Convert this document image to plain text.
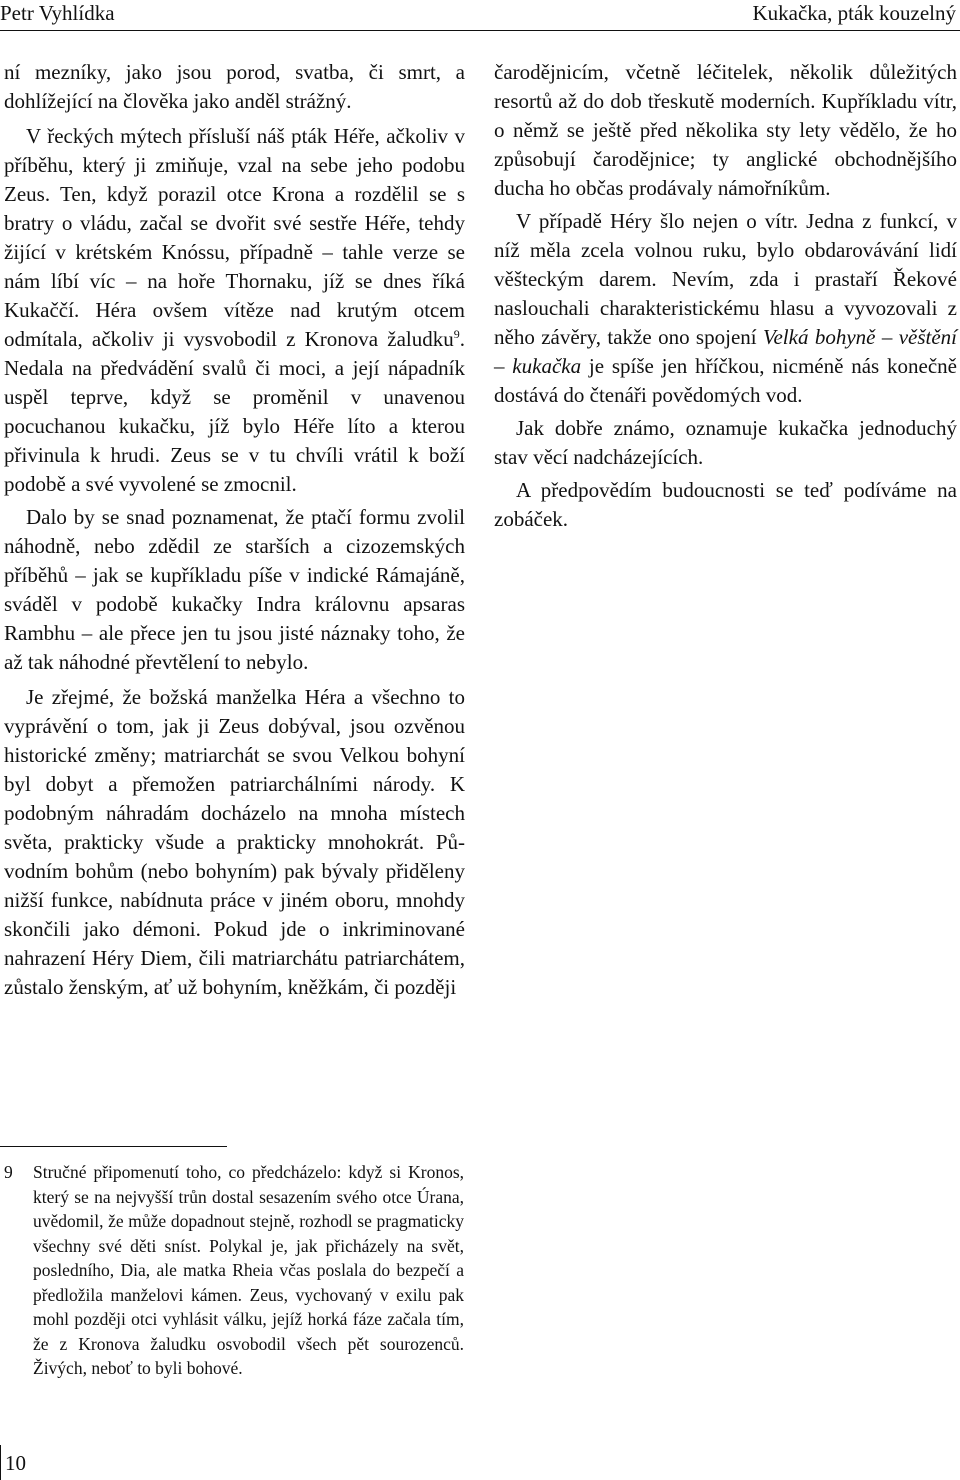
Petr Vyhlídka	Kukačka, pták kouzelný

ní mezníky, jako jsou porod, svatba, či smrt, a dohlížející na člověka jako anděl strážný.

V řeckých mýtech přísluší náš pták Héře, ačkoliv v příběhu, který ji zmiňuje, vzal na sebe jeho podobu Zeus. Ten, když porazil otce Krona a rozdělil se s bratry o vládu, začal se dvořit své sestře Héře, tehdy žijící v krétském Knóssu, případně – tahle verze se nám líbí víc – na hoře Thornaku, jíž se dnes říká Kukaččí. Héra ovšem vítěze nad krutým otcem odmítala, ačkoliv ji vysvobodil z Kronova žaludku$^9$. Nedala na předvádění svalů či moci, a její nápadník uspěl teprve, když se proměnil v unavenou pocuchanou kukačku, jíž bylo Héře líto a kterou přivinula k hrudi. Zeus se v tu chvíli vrátil k boží podobě a své vyvolené se zmocnil.

Dalo by se snad poznamenat, že ptačí formu zvolil náhodně, nebo zdědil ze starších a cizozemských příběhů – jak se kupříkladu píše v indické Rámajáně, sváděl v podobě kukačky Indra královnu apsaras Rambhu – ale přece jen tu jsou jisté náznaky toho, že až tak náhodné převtělení to nebylo.

Je zřejmé, že božská manželka Héra a všechno to vyprávění o tom, jak ji Zeus dobýval, jsou ozvěnou historické změny; matriarchát se svou Velkou bohyní byl dobyt a přemožen patriarchálními národy. K podobným náhradám docházelo na mnoha místech světa, prakticky všude a prakticky mnohokrát. Původním bohům (nebo bohyním) pak bývaly přiděleny nižší funkce, nabídnuta práce v jiném oboru, mnohdy skončili jako démoni. Pokud jde o inkriminované nahrazení Héry Diem, čili matriarchátu patriarchátem, zůstalo ženským, ať už bohyním, kněžkám, či později

čarodějnicím, včetně léčitelek, několik důležitých resortů až do dob třeskutě moderních. Kupříkladu vítr, o němž se ještě před několika sty lety vědělo, že ho způsobují čarodějnice; ty anglické obchodnějšího ducha ho občas prodávaly námořníkům.

V případě Héry šlo nejen o vítr. Jedna z funkcí, v níž měla zcela volnou ruku, bylo obdarovávání lidí věšteckým darem. Nevím, zda i prastaří Řekové naslouchali charakteristickému hlasu a vyvozovali z něho závěry, takže ono spojení Velká bohyně – věštění – kukačka je spíše jen hříčkou, nicméně nás konečně dostává do čtenáři povědomých vod.

Jak dobře známo, oznamuje kukačka jednoduchý stav věcí nadcházejících.

A předpovědím budoucnosti se teď podíváme na zobáček.

9 Stručné připomenutí toho, co předcházelo: když si Kronos, který se na nejvyšší trůn dostal sesazením svého otce Úrana, uvědomil, že může dopadnout stejně, rozhodl se pragmaticky všechny své děti sníst. Polykal je, jak přicházely na svět, posledního, Dia, ale matka Rheia včas poslala do bezpečí a předložila manželovi kámen. Zeus, vychovaný v exilu pak mohl později otci vyhlásit válku, jejíž horká fáze začala tím, že z Kronova žaludku osvobodil všech pět sourozenců. Živých, neboť to byli bohové.
10
